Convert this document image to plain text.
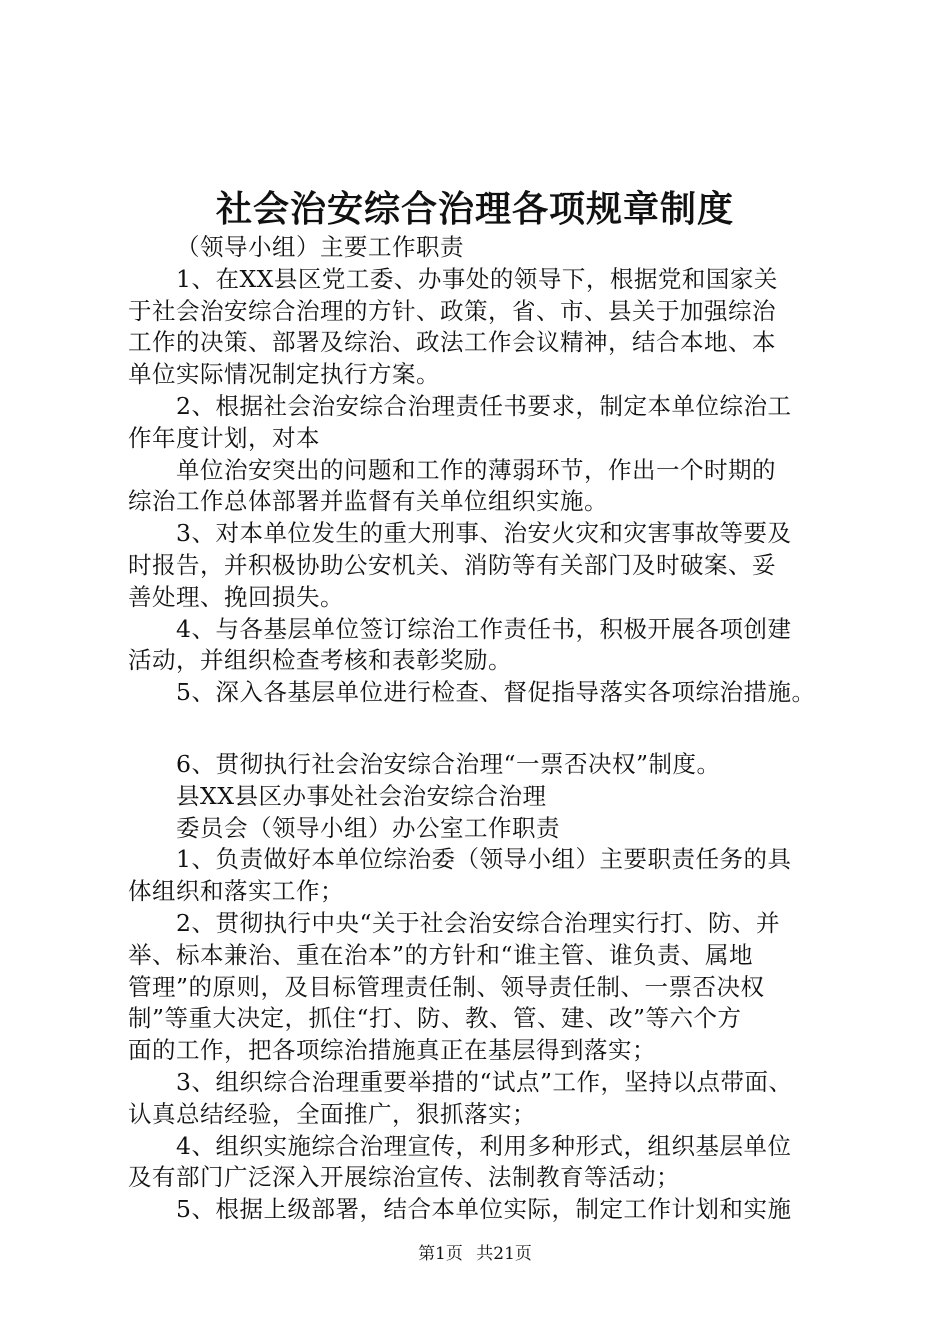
社会治安综合治理各项规章制度
（领导小组）主要工作职责
1、在XX县区党工委、办事处的领导下，根据党和国家关
于社会治安综合治理的方针、政策，省、市、县关于加强综治
工作的决策、部署及综治、政法工作会议精神，结合本地、本
单位实际情况制定执行方案。
2、根据社会治安综合治理责任书要求，制定本单位综治工
作年度计划，对本
单位治安突出的问题和工作的薄弱环节，作出一个时期的
综治工作总体部署并监督有关单位组织实施。
3、对本单位发生的重大刑事、治安火灾和灾害事故等要及
时报告，并积极协助公安机关、消防等有关部门及时破案、妥
善处理、挽回损失。
4、与各基层单位签订综治工作责任书，积极开展各项创建
活动，并组织检查考核和表彰奖励。
5、深入各基层单位进行检查、督促指导落实各项综治措施。
6、贯彻执行社会治安综合治理“一票否决权”制度。
县XX县区办事处社会治安综合治理
委员会（领导小组）办公室工作职责
1、负责做好本单位综治委（领导小组）主要职责任务的具
体组织和落实工作；
2、贯彻执行中央“关于社会治安综合治理实行打、防、并
举、标本兼治、重在治本”的方针和“谁主管、谁负责、属地
管理”的原则，及目标管理责任制、领导责任制、一票否决权
制”等重大决定，抓住“打、防、教、管、建、改”等六个方
面的工作，把各项综治措施真正在基层得到落实；
3、组织综合治理重要举措的“试点”工作，坚持以点带面、
认真总结经验，全面推广，狠抓落实；
4、组织实施综合治理宣传，利用多种形式，组织基层单位
及有部门广泛深入开展综治宣传、法制教育等活动；
5、根据上级部署，结合本单位实际，制定工作计划和实施
第1页 共21页
